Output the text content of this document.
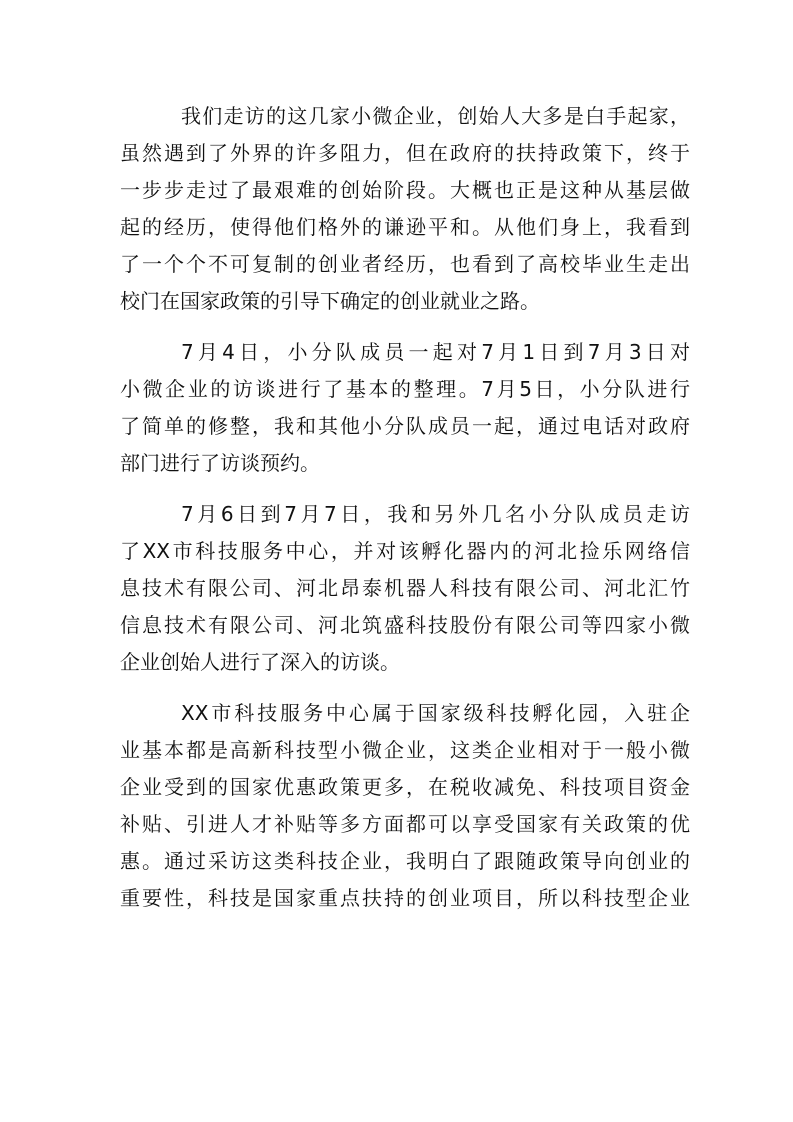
我们走访的这几家小微企业，创始人大多是白手起家，
虽然遇到了外界的许多阻力，但在政府的扶持政策下，终于
一步步走过了最艰难的创始阶段。大概也正是这种从基层做
起的经历，使得他们格外的谦逊平和。从他们身上，我看到
了一个个不可复制的创业者经历，也看到了高校毕业生走出
校门在国家政策的引导下确定的创业就业之路。
7月4日，小分队成员一起对7月1日到7月3日对
小微企业的访谈进行了基本的整理。7月5日，小分队进行
了简单的修整，我和其他小分队成员一起，通过电话对政府
部门进行了访谈预约。
7月6日到7月7日，我和另外几名小分队成员走访
了XX市科技服务中心，并对该孵化器内的河北捡乐网络信
息技术有限公司、河北昂泰机器人科技有限公司、河北汇竹
信息技术有限公司、河北筑盛科技股份有限公司等四家小微
企业创始人进行了深入的访谈。
XX市科技服务中心属于国家级科技孵化园，入驻企
业基本都是高新科技型小微企业，这类企业相对于一般小微
企业受到的国家优惠政策更多，在税收减免、科技项目资金
补贴、引进人才补贴等多方面都可以享受国家有关政策的优
惠。通过采访这类科技企业，我明白了跟随政策导向创业的
重要性，科技是国家重点扶持的创业项目，所以科技型企业
